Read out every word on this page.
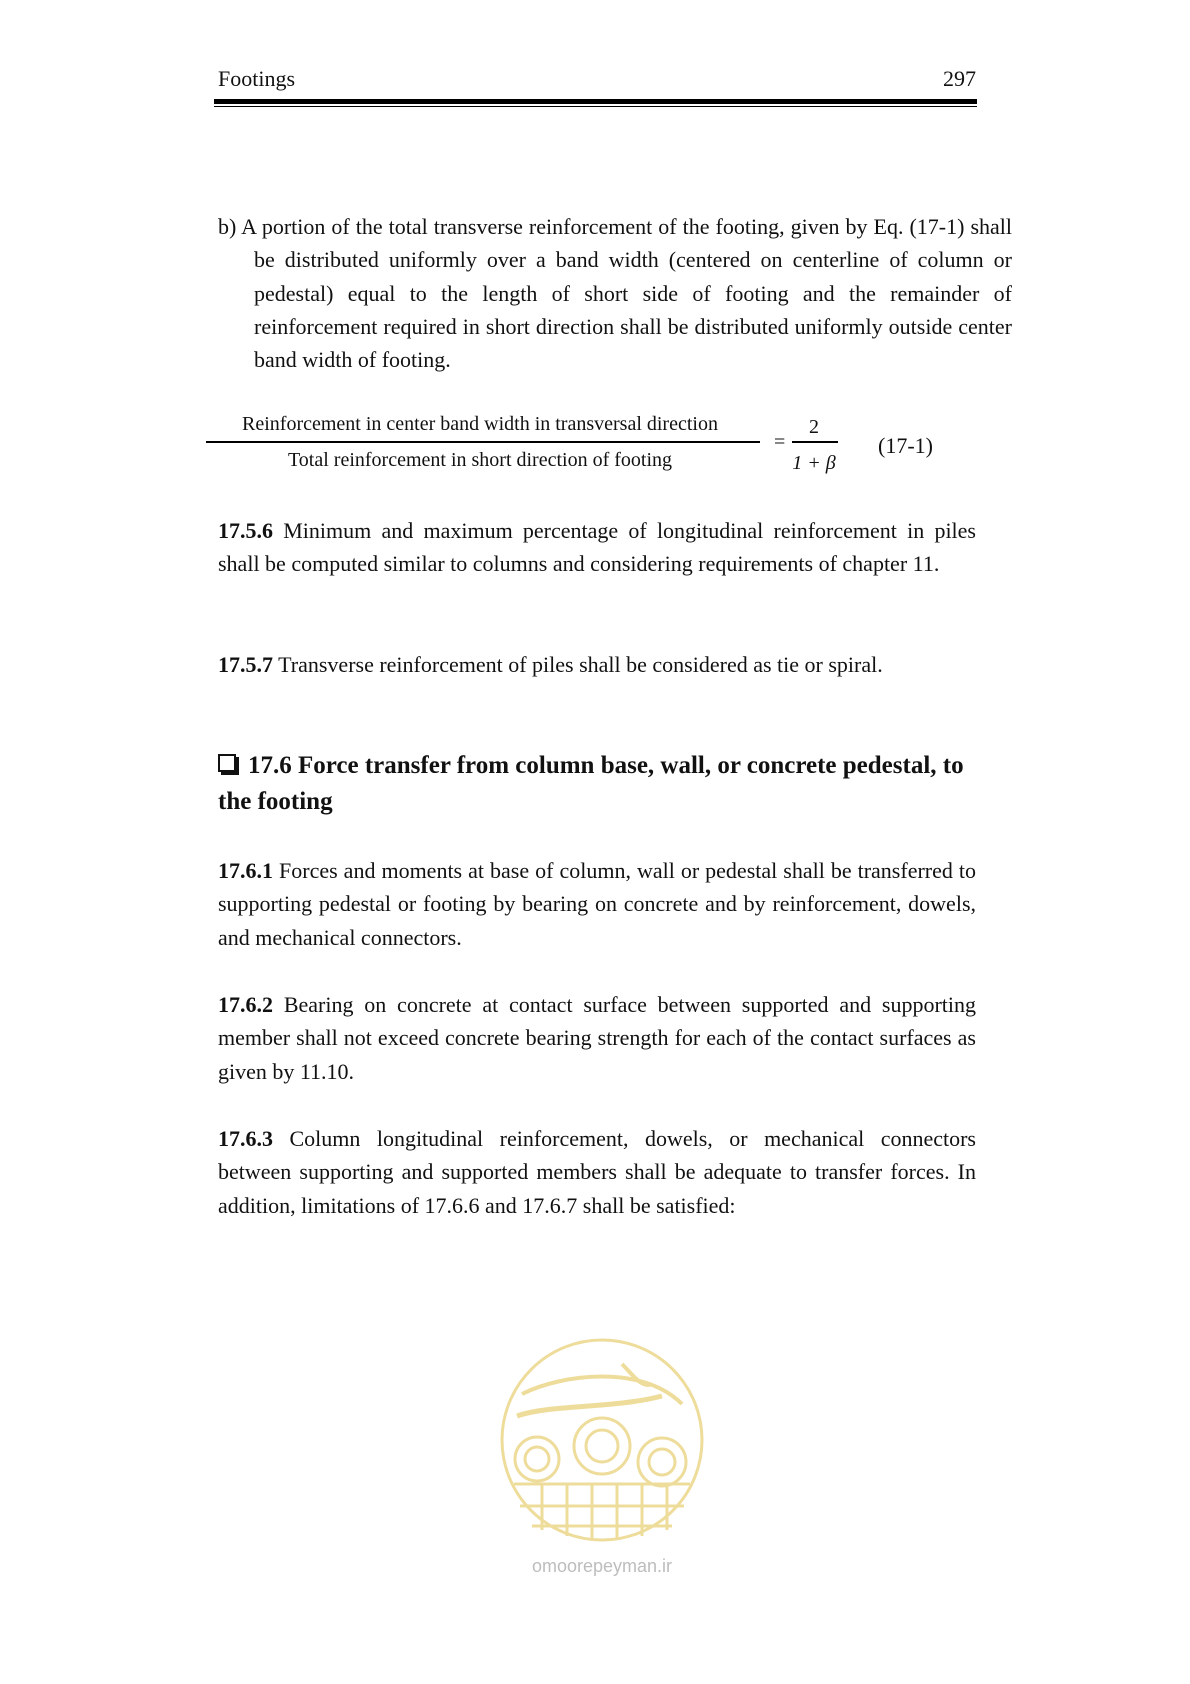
Footings	297

b) A portion of the total transverse reinforcement of the footing, given by Eq. (17-1) shall be distributed uniformly over a band width (centered on centerline of column or pedestal) equal to the length of short side of footing and the remainder of reinforcement required in short direction shall be distributed uniformly outside center band width of footing.

Reinforcement in center band width in transversal direction
Total reinforcement in short direction of footing
=
2
1 + β
(17-1)

17.5.6 Minimum and maximum percentage of longitudinal reinforcement in piles shall be computed similar to columns and considering requirements of chapter 11.

17.5.7 Transverse reinforcement of piles shall be considered as tie or spiral.

17.6 Force transfer from column base, wall, or concrete pedestal, to the footing

17.6.1 Forces and moments at base of column, wall or pedestal shall be transferred to supporting pedestal or footing by bearing on concrete and by reinforcement, dowels, and mechanical connectors.

17.6.2 Bearing on concrete at contact surface between supported and supporting member shall not exceed concrete bearing strength for each of the contact surfaces as given by 11.10.

17.6.3 Column longitudinal reinforcement, dowels, or mechanical connectors between supporting and supported members shall be adequate to transfer forces. In addition, limitations of 17.6.6 and 17.6.7 shall be satisfied:

omoorepeyman.ir
